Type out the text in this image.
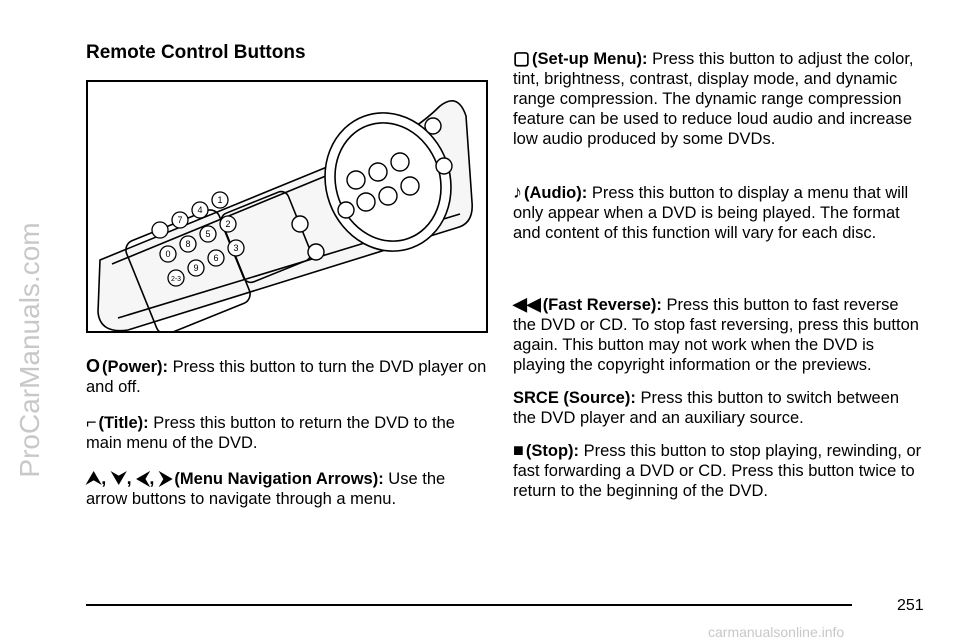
ProCarManuals.com
Remote Control Buttons
1
2
3
4
5
6
7
8
9
0
2-3

O (Power): Press this button to turn the DVD player on and off.

⌐ (Title): Press this button to return the DVD to the main menu of the DVD.

⮝, ⮟, ⮜, ⮞ (Menu Navigation Arrows): Use the arrow buttons to navigate through a menu.

▢ (Set-up Menu): Press this button to adjust the color, tint, brightness, contrast, display mode, and dynamic range compression. The dynamic range compression feature can be used to reduce loud audio and increase low audio produced by some DVDs.

♪ (Audio): Press this button to display a menu that will only appear when a DVD is being played. The format and content of this function will vary for each disc.

◀◀ (Fast Reverse): Press this button to fast reverse the DVD or CD. To stop fast reversing, press this button again. This button may not work when the DVD is playing the copyright information or the previews.

SRCE (Source): Press this button to switch between the DVD player and an auxiliary source.

■ (Stop): Press this button to stop playing, rewinding, or fast forwarding a DVD or CD. Press this button twice to return to the beginning of the DVD.

251
carmanualsonline.info
